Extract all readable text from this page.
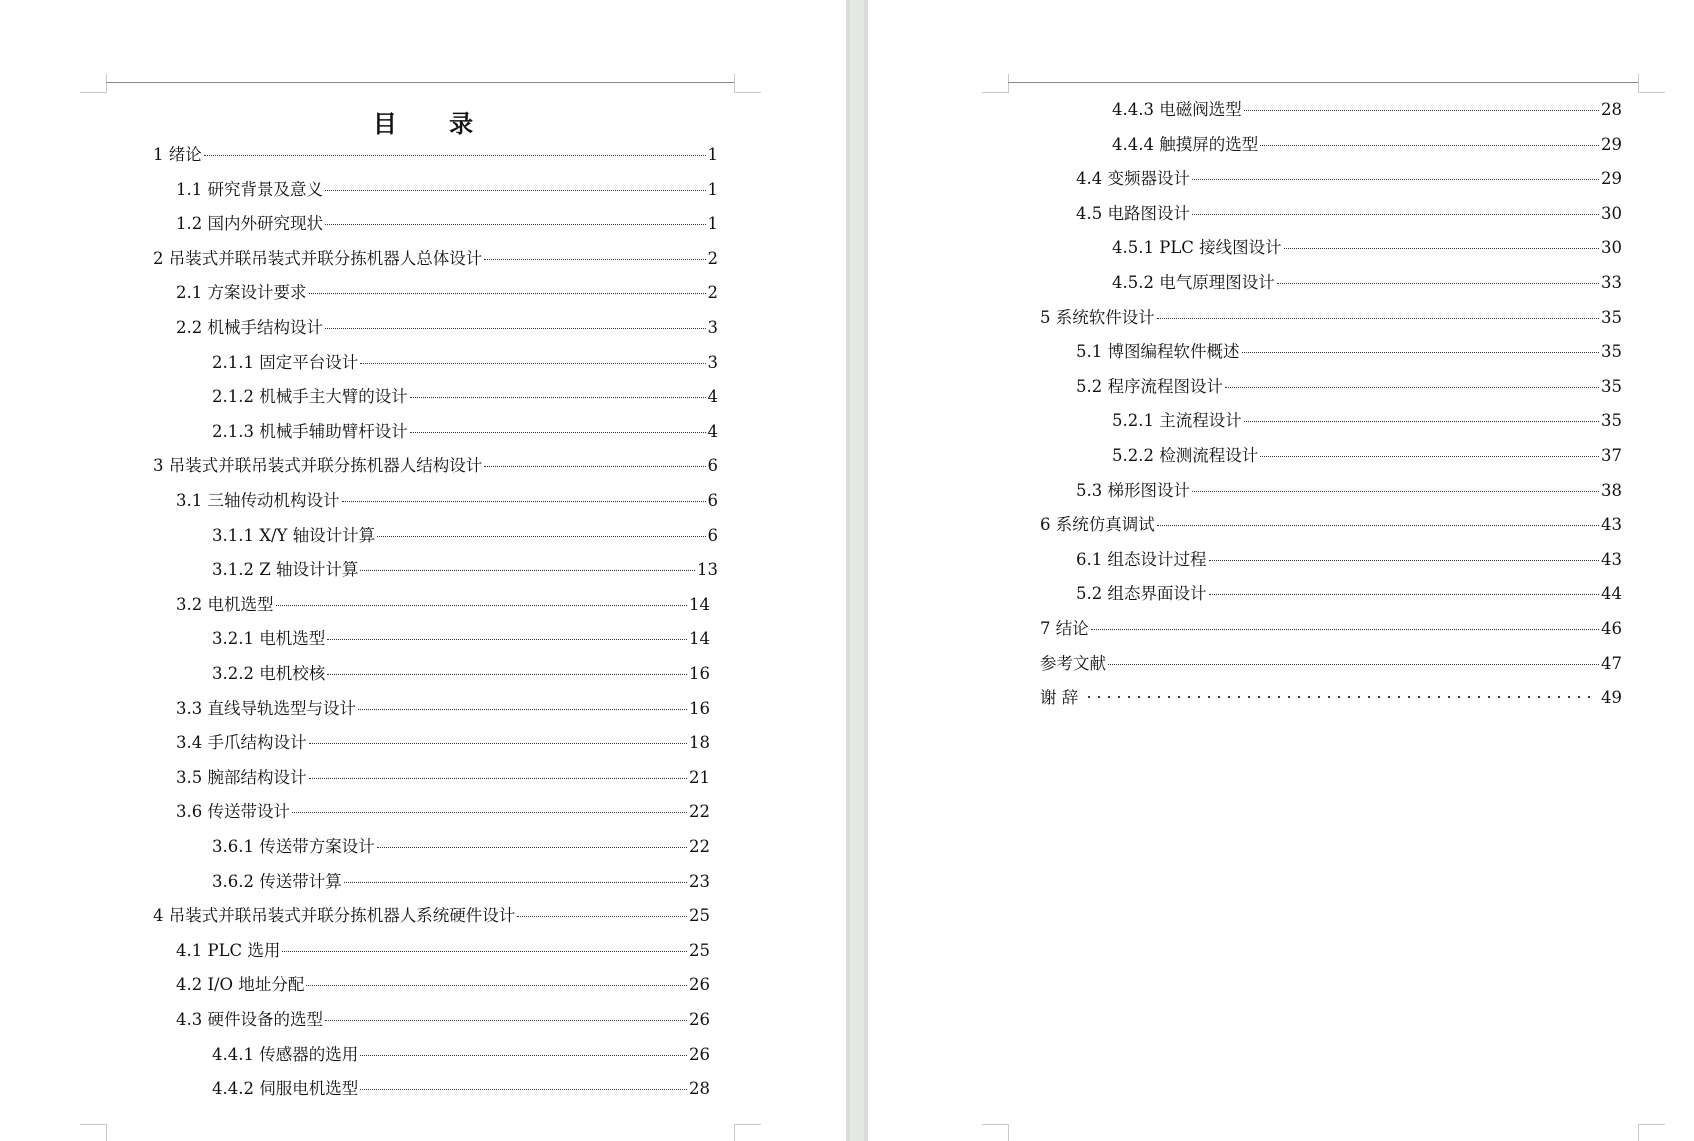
目 录
1 绪论	1
1.1 研究背景及意义	1
1.2 国内外研究现状	1
2 吊装式并联吊装式并联分拣机器人总体设计	2
2.1 方案设计要求	2
2.2 机械手结构设计	3
2.1.1 固定平台设计	3
2.1.2 机械手主大臂的设计	4
2.1.3 机械手辅助臂杆设计	4
3 吊装式并联吊装式并联分拣机器人结构设计	6
3.1 三轴传动机构设计	6
3.1.1 X/Y 轴设计计算	6
3.1.2 Z 轴设计计算	13
3.2 电机选型	14
3.2.1 电机选型	14
3.2.2 电机校核	16
3.3 直线导轨选型与设计	16
3.4 手爪结构设计	18
3.5 腕部结构设计	21
3.6 传送带设计	22
3.6.1 传送带方案设计	22
3.6.2 传送带计算	23
4 吊装式并联吊装式并联分拣机器人系统硬件设计	25
4.1 PLC 选用	25
4.2 I/O 地址分配	26
4.3 硬件设备的选型	26
4.4.1 传感器的选用	26
4.4.2 伺服电机选型	28
4.4.3 电磁阀选型	28
4.4.4 触摸屏的选型	29
4.4 变频器设计	29
4.5 电路图设计	30
4.5.1 PLC 接线图设计	30
4.5.2 电气原理图设计	33
5 系统软件设计	35
5.1 博图编程软件概述	35
5.2 程序流程图设计	35
5.2.1 主流程设计	35
5.2.2 检测流程设计	37
5.3 梯形图设计	38
6 系统仿真调试	43
6.1 组态设计过程	43
5.2 组态界面设计	44
7 结论	46
参考文献	47
谢 辞	49
